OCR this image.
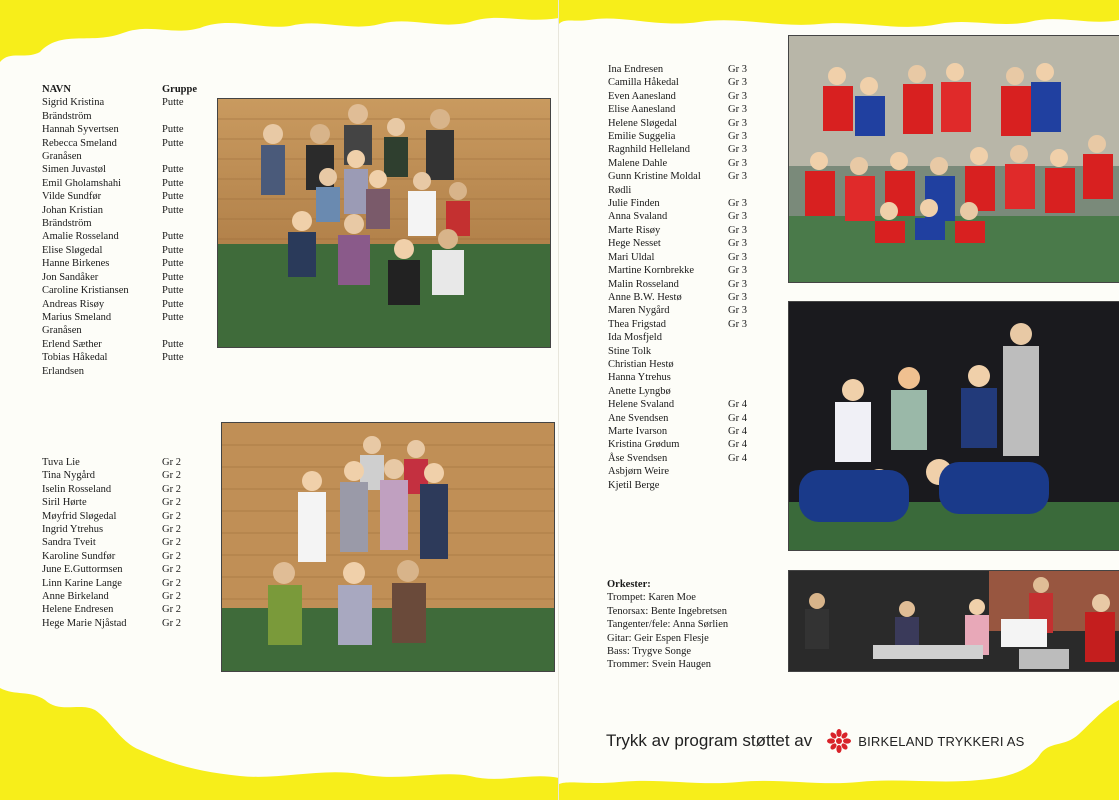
NAVN	Gruppe
Sigrid Kristina	Putte
Brändström
Hannah Syvertsen	Putte
Rebecca Smeland	Putte
Granåsen
Simen Juvastøl	Putte
Emil Gholamshahi	Putte
Vilde Sundfør	Putte
Johan Kristian	Putte
Brändström
Amalie Rosseland	Putte
Elise Sløgedal	Putte
Hanne Birkenes	Putte
Jon Sandåker	Putte
Caroline Kristiansen	Putte
Andreas Risøy	Putte
Marius Smeland	Putte
Granåsen
Erlend Sæther	Putte
Tobias Håkedal	Putte
Erlandsen
Tuva Lie	Gr 2
Tina Nygård	Gr 2
Iselin Rosseland	Gr 2
Siril Hørte	Gr 2
Møyfrid Sløgedal	Gr 2
Ingrid Ytrehus	Gr 2
Sandra Tveit	Gr 2
Karoline Sundfør	Gr 2
June E.Guttormsen	Gr 2
Linn Karine Lange	Gr 2
Anne Birkeland	Gr 2
Helene Endresen	Gr 2
Hege Marie Njåstad	Gr 2
Ina Endresen	Gr 3
Camilla Håkedal	Gr 3
Even Aanesland	Gr 3
Elise Aanesland	Gr 3
Helene Sløgedal	Gr 3
Emilie Suggelia	Gr 3
Ragnhild Helleland	Gr 3
Malene Dahle	Gr 3
Gunn Kristine Moldal	Gr 3
Rødli
Julie Finden	Gr 3
Anna Svaland	Gr 3
Marte Risøy	Gr 3
Hege Nesset	Gr 3
Mari Uldal	Gr 3
Martine Kornbrekke	Gr 3
Malin Rosseland	Gr 3
Anne B.W. Hestø	Gr 3
Maren Nygård	Gr 3
Thea Frigstad	Gr 3
Ida Mosfjeld
Stine Tolk
Christian Hestø
Hanna Ytrehus
Anette Lyngbø
Helene Svaland	Gr 4
Ane Svendsen	Gr 4
Marte Ivarson	Gr 4
Kristina Grødum	Gr 4
Åse Svendsen	Gr 4
Asbjørn Weire
Kjetil Berge
Orkester:
Trompet: Karen Moe
Tenorsax: Bente Ingebretsen
Tangenter/fele: Anna Sørlien
Gitar: Geir Espen Flesje
Bass: Trygve Songe
Trommer: Svein Haugen
Trykk av program støttet av	BIRKELAND TRYKKERI AS
